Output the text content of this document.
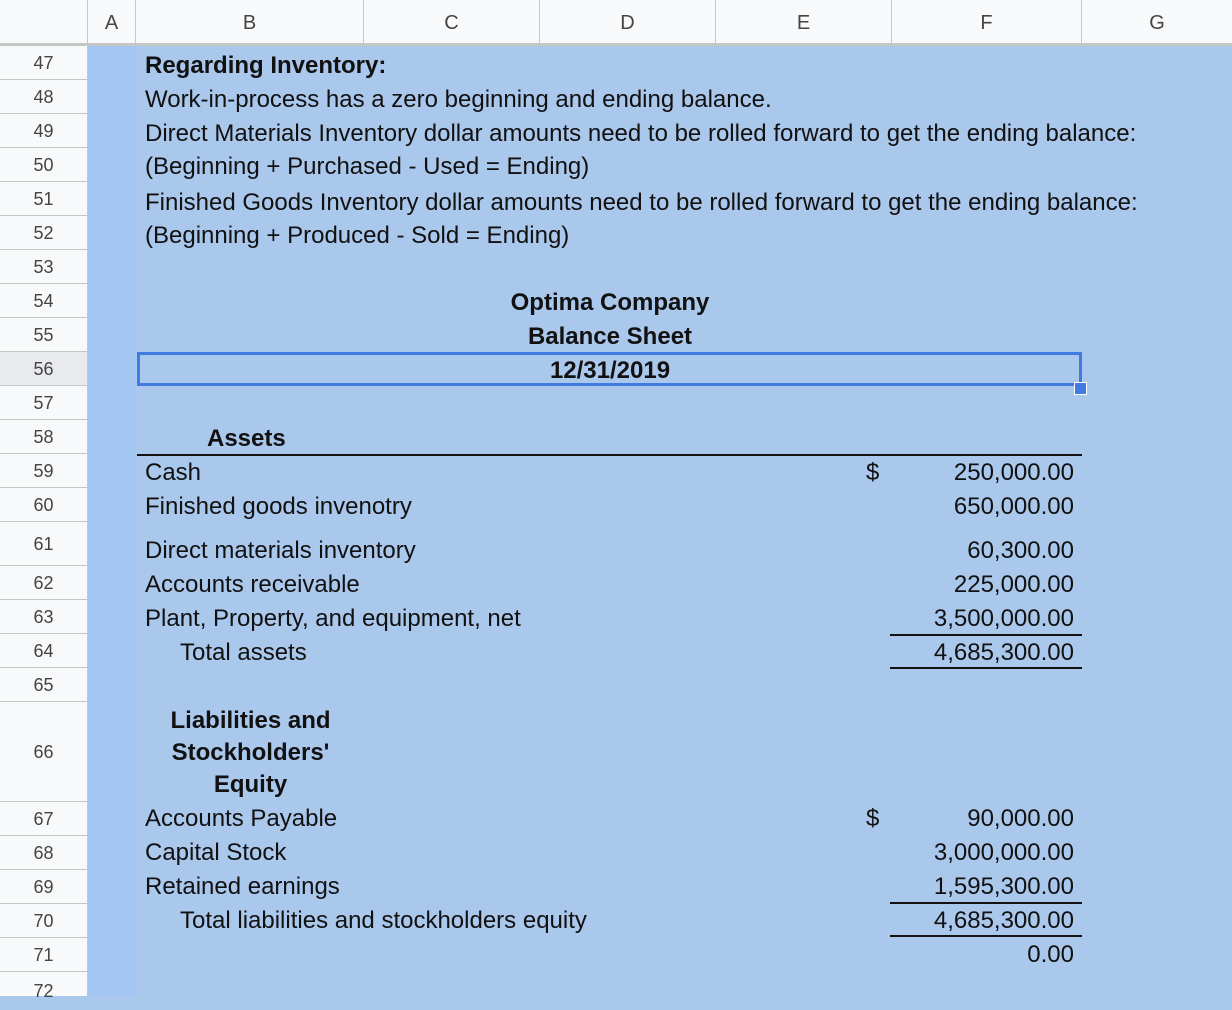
A	B	C	D	E	F	G
47
48
49
50
51
52
53
54
55
56
57
58
59
60
61
62
63
64
65
66
67
68
69
70
71
72
Regarding Inventory:
Work-in-process has a zero beginning and ending balance.
Direct Materials Inventory dollar amounts need to be rolled forward to get the ending balance:
(Beginning + Purchased - Used = Ending)
Finished Goods Inventory dollar amounts need to be rolled forward to get the ending balance:
(Beginning + Produced - Sold = Ending)
Optima Company
Balance Sheet
12/31/2019
Assets
Cash	$	250,000.00
Finished goods invenotry	650,000.00
Direct materials inventory	60,300.00
Accounts receivable	225,000.00
Plant, Property, and equipment, net	3,500,000.00
Total assets	4,685,300.00
Liabilities and
Stockholders'
Equity
Accounts Payable	$	90,000.00
Capital Stock	3,000,000.00
Retained earnings	1,595,300.00
Total liabilities and stockholders equity	4,685,300.00
0.00
